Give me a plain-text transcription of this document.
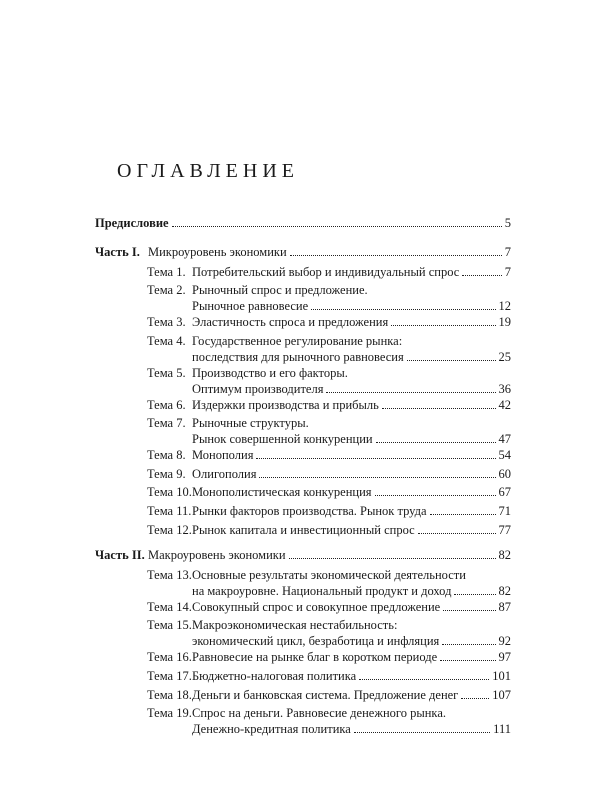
ОГЛАВЛЕНИЕ
Предисловие	5
Часть I. Микроуровень экономики	7
Тема 1. Потребительский выбор и индивидуальный спрос	7
Тема 2. Рыночный спрос и предложение.
Рыночное равновесие	12
Тема 3. Эластичность спроса и предложения	19
Тема 4. Государственное регулирование рынка:
последствия для рыночного равновесия	25
Тема 5. Производство и его факторы.
Оптимум производителя	36
Тема 6. Издержки производства и прибыль	42
Тема 7. Рыночные структуры.
Рынок совершенной конкуренции	47
Тема 8. Монополия	54
Тема 9. Олигополия	60
Тема 10. Монополистическая конкуренция	67
Тема 11. Рынки факторов производства. Рынок труда	71
Тема 12. Рынок капитала и инвестиционный спрос	77
Часть II. Макроуровень экономики	82
Тема 13. Основные результаты экономической деятельности
на макроуровне. Национальный продукт и доход	82
Тема 14. Совокупный спрос и совокупное предложение	87
Тема 15. Макроэкономическая нестабильность:
экономический цикл, безработица и инфляция	92
Тема 16. Равновесие на рынке благ в коротком периоде	97
Тема 17. Бюджетно-налоговая политика	101
Тема 18. Деньги и банковская система. Предложение денег	107
Тема 19. Спрос на деньги. Равновесие денежного рынка.
Денежно-кредитная политика	111
